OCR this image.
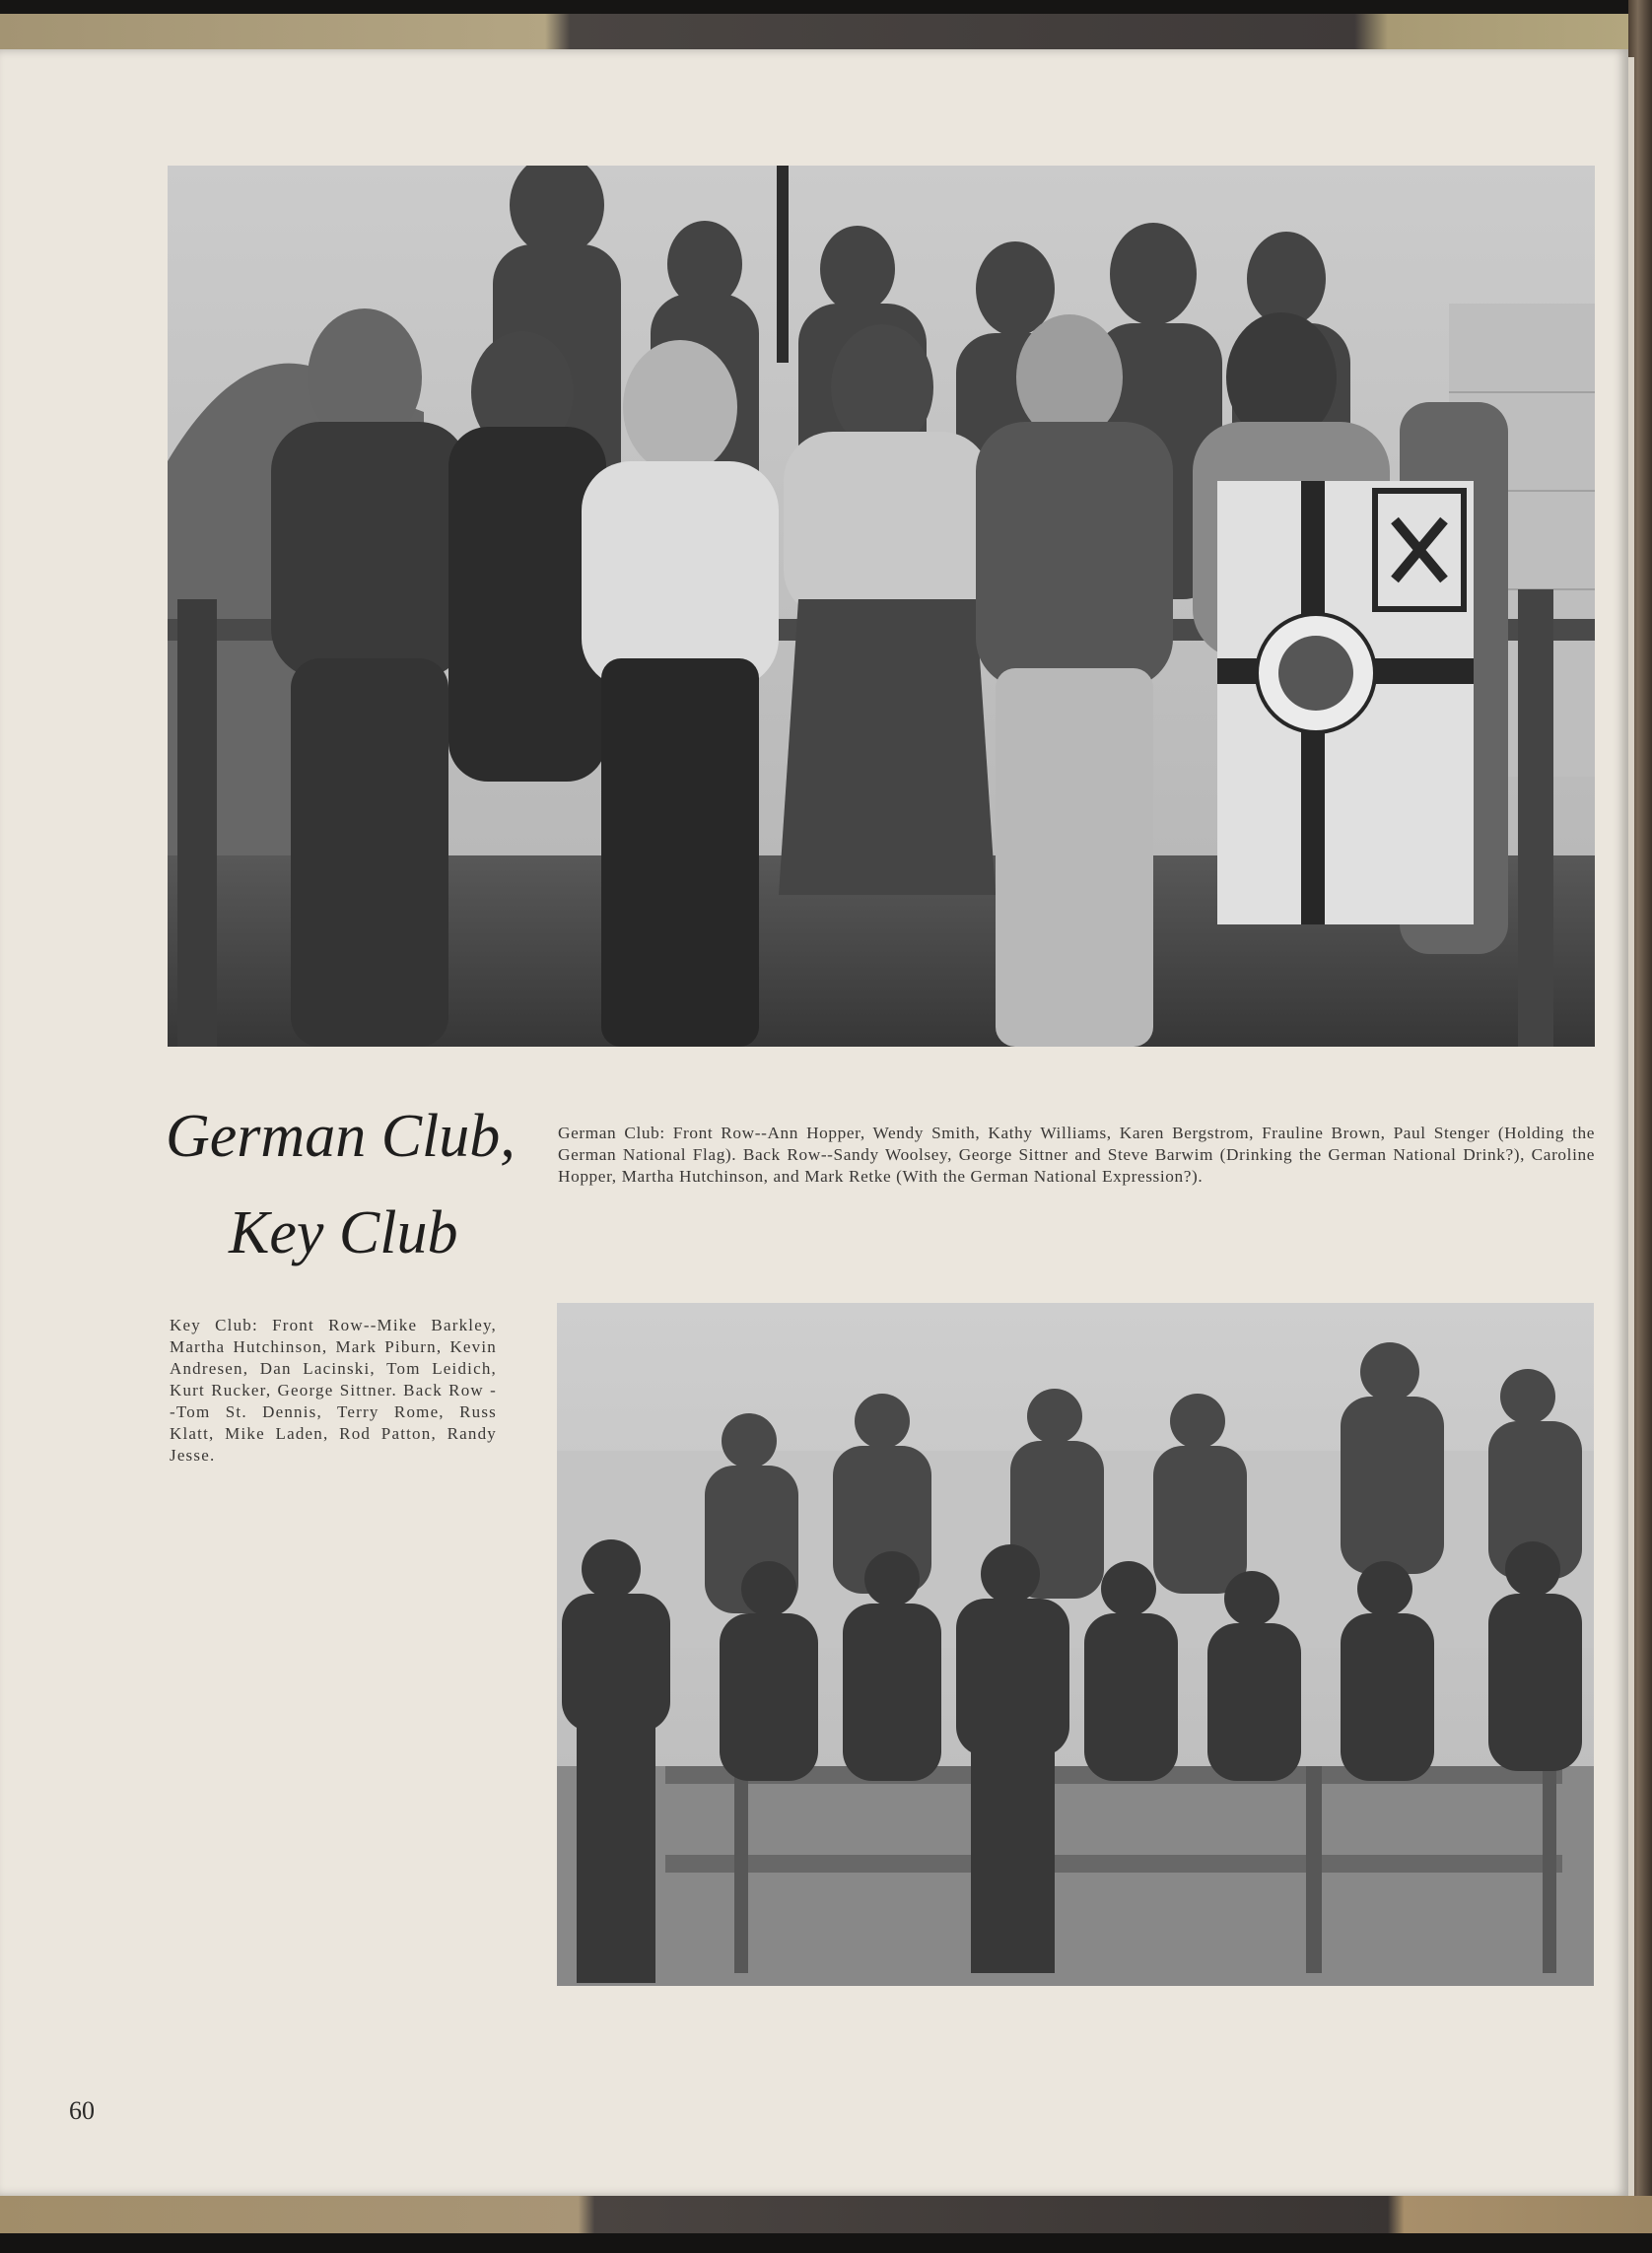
German Club,
Key Club

German Club: Front Row--Ann Hopper, Wendy Smith, Kathy Williams, Karen Bergstrom, Frauline Brown, Paul Stenger (Holding the German National Flag). Back Row--Sandy Woolsey, George Sittner and Steve Barwim (Drinking the German National Drink?), Caroline Hopper, Martha Hutchinson, and Mark Retke (With the German National Expression?).

Key Club: Front Row--Mike Barkley, Martha Hutchinson, Mark Piburn, Kevin Andresen, Dan Lacinski, Tom Leidich, Kurt Rucker, George Sittner. Back Row --Tom St. Dennis, Terry Rome, Russ Klatt, Mike Laden, Rod Patton, Randy Jesse.

60
